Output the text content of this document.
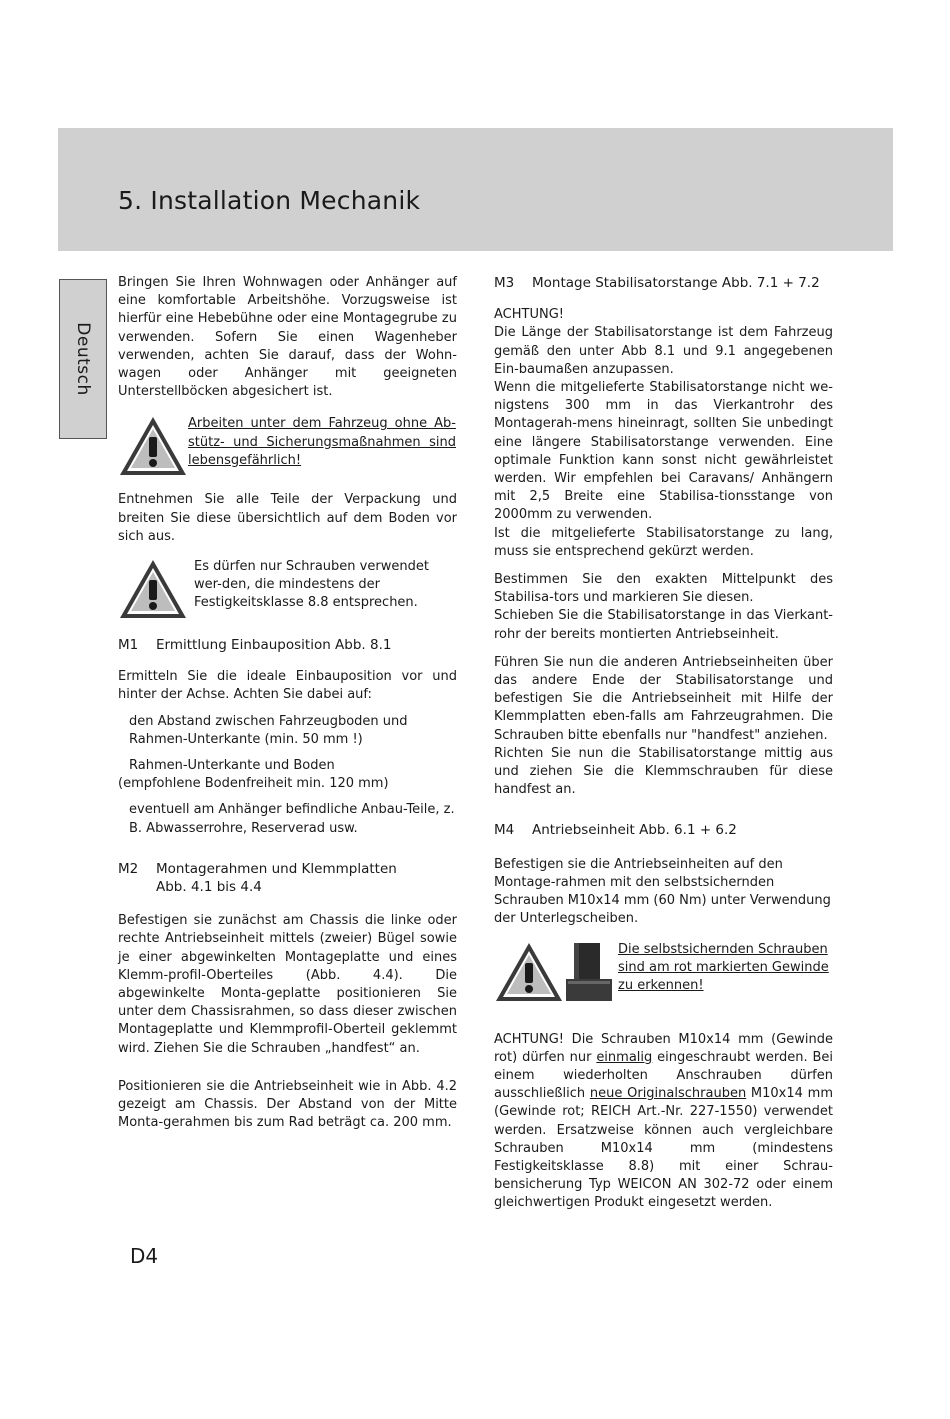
5. Installation Mechanik
Deutsch

Bringen Sie Ihren Wohnwagen oder Anhänger auf eine komfortable Arbeitshöhe. Vorzugsweise ist hierfür eine Hebebühne oder eine Montagegrube zu verwenden. Sofern Sie einen Wagenheber verwenden, achten Sie darauf, dass der Wohn-wagen oder Anhänger mit geeigneten Unterstellböcken abgesichert ist.

Arbeiten unter dem Fahrzeug ohne Ab-stütz- und Sicherungsmaßnahmen sind lebensgefährlich!

Entnehmen Sie alle Teile der Verpackung und breiten Sie diese übersichtlich auf dem Boden vor sich aus.

Es dürfen nur Schrauben verwendet wer-den, die mindestens der Festigkeitsklasse 8.8 entsprechen.

M1 Ermittlung Einbauposition Abb. 8.1

Ermitteln Sie die ideale Einbauposition vor und hinter der Achse. Achten Sie dabei auf:

den Abstand zwischen Fahrzeugboden und Rahmen-Unterkante (min. 50 mm !)

Rahmen-Unterkante und Boden

(empfohlene Bodenfreiheit min. 120 mm)

eventuell am Anhänger befindliche Anbau-Teile, z. B. Abwasserrohre, Reserverad usw.

M2 Montagerahmen und Klemmplatten

Abb. 4.1 bis 4.4

Befestigen sie zunächst am Chassis die linke oder rechte Antriebseinheit mittels (zweier) Bügel sowie je einer abgewinkelten Montageplatte und eines Klemm-profil-Oberteiles (Abb. 4.4). Die abgewinkelte Monta-geplatte positionieren Sie unter dem Chassisrahmen, so dass dieser zwischen Montageplatte und Klemmprofil-Oberteil geklemmt wird. Ziehen Sie die Schrauben „handfest“ an.

Positionieren sie die Antriebseinheit wie in Abb. 4.2 gezeigt am Chassis. Der Abstand von der Mitte Monta-gerahmen bis zum Rad beträgt ca. 200 mm.

M3 Montage Stabilisatorstange Abb. 7.1 + 7.2

ACHTUNG!

Die Länge der Stabilisatorstange ist dem Fahrzeug gemäß den unter Abb 8.1 und 9.1 angegebenen Ein-baumaßen anzupassen.

Wenn die mitgelieferte Stabilisatorstange nicht we-nigstens 300 mm in das Vierkantrohr des Montagerah-mens hineinragt, sollten Sie unbedingt eine längere Stabilisatorstange verwenden. Eine optimale Funktion kann sonst nicht gewährleistet werden. Wir empfehlen bei Caravans/ Anhängern mit 2,5 Breite eine Stabilisa-tionsstange von 2000mm zu verwenden.

Ist die mitgelieferte Stabilisatorstange zu lang, muss sie entsprechend gekürzt werden.

Bestimmen Sie den exakten Mittelpunkt des Stabilisa-tors und markieren Sie diesen.

Schieben Sie die Stabilisatorstange in das Vierkant-rohr der bereits montierten Antriebseinheit.

Führen Sie nun die anderen Antriebseinheiten über das andere Ende der Stabilisatorstange und befestigen Sie die Antriebseinheit mit Hilfe der Klemmplatten eben-falls am Fahrzeugrahmen. Die Schrauben bitte ebenfalls nur "handfest" anziehen.

Richten Sie nun die Stabilisatorstange mittig aus und ziehen Sie die Klemmschrauben für diese handfest an.

M4 Antriebseinheit Abb. 6.1 + 6.2

Befestigen sie die Antriebseinheiten auf den Montage-rahmen mit den selbstsichernden Schrauben M10x14 mm (60 Nm) unter Verwendung der Unterlegscheiben.

Die selbstsichernden Schrauben sind am rot markierten Gewinde zu erkennen!

ACHTUNG! Die Schrauben M10x14 mm (Gewinde rot) dürfen nur einmalig eingeschraubt werden. Bei einem wiederholten Anschrauben dürfen ausschließlich neue Originalschrauben M10x14 mm (Gewinde rot; REICH Art.-Nr. 227-1550) verwendet werden. Ersatzweise können auch vergleichbare Schrauben M10x14 mm (mindestens Festigkeitsklasse 8.8) mit einer Schrau-bensicherung Typ WEICON AN 302-72 oder einem gleichwertigen Produkt eingesetzt werden.

D4
